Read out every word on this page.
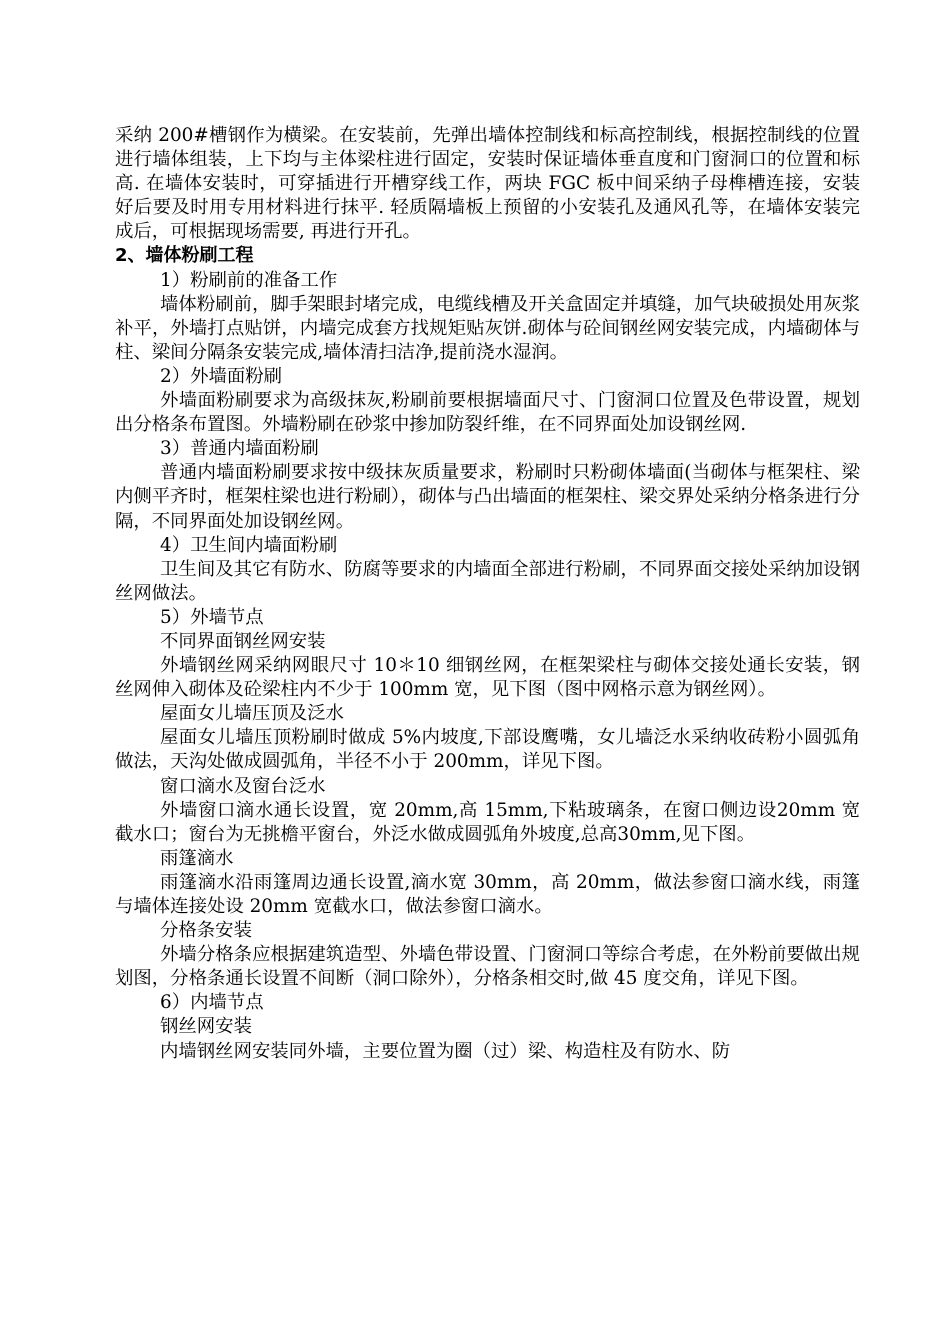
采纳 200#槽钢作为横梁。在安装前，先弹出墙体控制线和标高控制线，根据控制线的位置进行墙体组装，上下均与主体梁柱进行固定，安装时保证墙体垂直度和门窗洞口的位置和标高. 在墙体安装时，可穿插进行开槽穿线工作，两块 FGC 板中间采纳子母榫槽连接，安装好后要及时用专用材料进行抹平. 轻质隔墙板上预留的小安装孔及通风孔等，在墙体安装完成后，可根据现场需要, 再进行开孔。

2、墙体粉刷工程

1）粉刷前的准备工作

墙体粉刷前，脚手架眼封堵完成，电缆线槽及开关盒固定并填缝，加气块破损处用灰浆补平，外墙打点贴饼，内墙完成套方找规矩贴灰饼.砌体与砼间钢丝网安装完成，内墙砌体与柱、梁间分隔条安装完成,墙体清扫洁净,提前浇水湿润。

2）外墙面粉刷

外墙面粉刷要求为高级抹灰,粉刷前要根据墙面尺寸、门窗洞口位置及色带设置，规划出分格条布置图。外墙粉刷在砂浆中掺加防裂纤维，在不同界面处加设钢丝网.

3）普通内墙面粉刷

普通内墙面粉刷要求按中级抹灰质量要求，粉刷时只粉砌体墙面(当砌体与框架柱、梁内侧平齐时，框架柱梁也进行粉刷），砌体与凸出墙面的框架柱、梁交界处采纳分格条进行分隔，不同界面处加设钢丝网。

4）卫生间内墙面粉刷

卫生间及其它有防水、防腐等要求的内墙面全部进行粉刷，不同界面交接处采纳加设钢丝网做法。

5）外墙节点

不同界面钢丝网安装

外墙钢丝网采纳网眼尺寸 10＊10 细钢丝网，在框架梁柱与砌体交接处通长安装，钢丝网伸入砌体及砼梁柱内不少于 100mm 宽，见下图（图中网格示意为钢丝网）。

屋面女儿墙压顶及泛水

屋面女儿墙压顶粉刷时做成 5%内坡度,下部设鹰嘴，女儿墙泛水采纳收砖粉小圆弧角做法，天沟处做成圆弧角，半径不小于 200mm，详见下图。

窗口滴水及窗台泛水

外墙窗口滴水通长设置，宽 20mm,高 15mm,下粘玻璃条，在窗口侧边设20mm 宽截水口；窗台为无挑檐平窗台，外泛水做成圆弧角外坡度,总高30mm,见下图。

雨篷滴水

雨篷滴水沿雨篷周边通长设置,滴水宽 30mm，高 20mm，做法参窗口滴水线，雨篷与墙体连接处设 20mm 宽截水口，做法参窗口滴水。

分格条安装

外墙分格条应根据建筑造型、外墙色带设置、门窗洞口等综合考虑，在外粉前要做出规划图，分格条通长设置不间断（洞口除外），分格条相交时,做 45 度交角，详见下图。

6）内墙节点

钢丝网安装

内墙钢丝网安装同外墙，主要位置为圈（过）梁、构造柱及有防水、防
